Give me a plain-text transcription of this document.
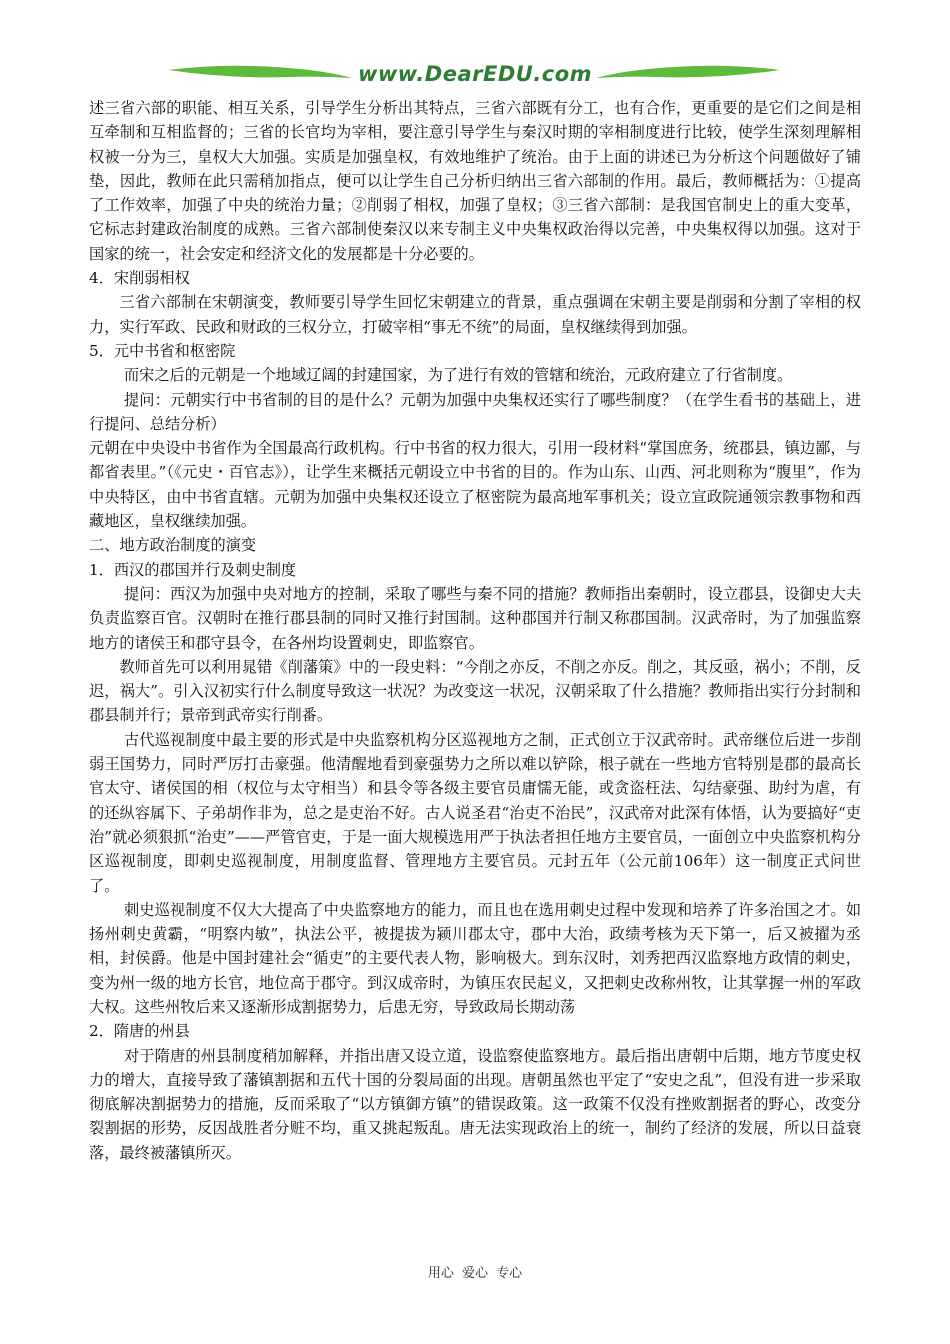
www.DearEDU.com

述三省六部的职能、相互关系，引导学生分析出其特点，三省六部既有分工，也有合作，更重要的是它们之间是相互牵制和互相监督的；三省的长官均为宰相，要注意引导学生与秦汉时期的宰相制度进行比较，使学生深刻理解相权被一分为三，皇权大大加强。实质是加强皇权，有效地维护了统治。由于上面的讲述已为分析这个问题做好了铺垫，因此，教师在此只需稍加指点，便可以让学生自己分析归纳出三省六部制的作用。最后，教师概括为：①提高了工作效率，加强了中央的统治力量；②削弱了相权，加强了皇权；③三省六部制：是我国官制史上的重大变革，它标志封建政治制度的成熟。三省六部制使秦汉以来专制主义中央集权政治得以完善，中央集权得以加强。这对于国家的统一，社会安定和经济文化的发展都是十分必要的。

4．宋削弱相权

三省六部制在宋朝演变，教师要引导学生回忆宋朝建立的背景，重点强调在宋朝主要是削弱和分割了宰相的权力，实行军政、民政和财政的三权分立，打破宰相“事无不统”的局面，皇权继续得到加强。

5．元中书省和枢密院

而宋之后的元朝是一个地域辽阔的封建国家，为了进行有效的管辖和统治，元政府建立了行省制度。

提问：元朝实行中书省制的目的是什么？元朝为加强中央集权还实行了哪些制度？（在学生看书的基础上，进行提问、总结分析）

元朝在中央设中书省作为全国最高行政机构。行中书省的权力很大，引用一段材料“掌国庶务，统郡县，镇边鄙，与都省表里。”（《元史・百官志》），让学生来概括元朝设立中书省的目的。作为山东、山西、河北则称为“腹里”，作为中央特区，由中书省直辖。元朝为加强中央集权还设立了枢密院为最高地军事机关；设立宣政院通领宗教事物和西藏地区，皇权继续加强。

二、地方政治制度的演变

1．西汉的郡国并行及刺史制度

提问：西汉为加强中央对地方的控制，采取了哪些与秦不同的措施？教师指出秦朝时，设立郡县，设御史大夫负责监察百官。汉朝时在推行郡县制的同时又推行封国制。这种郡国并行制又称郡国制。汉武帝时，为了加强监察地方的诸侯王和郡守县令，在各州均设置刺史，即监察官。

教师首先可以利用晁错《削藩策》中的一段史料：“今削之亦反，不削之亦反。削之，其反亟，祸小；不削，反迟，祸大”。引入汉初实行什么制度导致这一状况？为改变这一状况，汉朝采取了什么措施？教师指出实行分封制和郡县制并行；景帝到武帝实行削番。

古代巡视制度中最主要的形式是中央监察机构分区巡视地方之制，正式创立于汉武帝时。武帝继位后进一步削弱王国势力，同时严厉打击豪强。他清醒地看到豪强势力之所以难以铲除，根子就在一些地方官特别是郡的最高长官太守、诸侯国的相（权位与太守相当）和县令等各级主要官员庸懦无能，或贪盗枉法、勾结豪强、助纣为虐，有的还纵容属下、子弟胡作非为，总之是吏治不好。古人说圣君“治吏不治民”，汉武帝对此深有体悟，认为要搞好“吏治”就必须狠抓“治吏”——严管官吏，于是一面大规模选用严于执法者担任地方主要官员，一面创立中央监察机构分区巡视制度，即刺史巡视制度，用制度监督、管理地方主要官员。元封五年（公元前106年）这一制度正式问世了。

刺史巡视制度不仅大大提高了中央监察地方的能力，而且也在选用刺史过程中发现和培养了许多治国之才。如扬州刺史黄霸，“明察内敏”，执法公平，被提拔为颍川郡太守，郡中大治，政绩考核为天下第一，后又被擢为丞相，封侯爵。他是中国封建社会“循吏”的主要代表人物，影响极大。到东汉时，刘秀把西汉监察地方政情的刺史，变为州一级的地方长官，地位高于郡守。到汉成帝时，为镇压农民起义，又把刺史改称州牧，让其掌握一州的军政大权。这些州牧后来又逐渐形成割据势力，后患无穷，导致政局长期动荡

2．隋唐的州县

对于隋唐的州县制度稍加解释，并指出唐又设立道，设监察使监察地方。最后指出唐朝中后期，地方节度史权力的增大，直接导致了藩镇割据和五代十国的分裂局面的出现。唐朝虽然也平定了“安史之乱”，但没有进一步采取彻底解决割据势力的措施，反而采取了“以方镇御方镇”的错误政策。这一政策不仅没有挫败割据者的野心，改变分裂割据的形势，反因战胜者分赃不均，重又挑起叛乱。唐无法实现政治上的统一，制约了经济的发展，所以日益衰落，最终被藩镇所灭。

用心 爱心 专心
